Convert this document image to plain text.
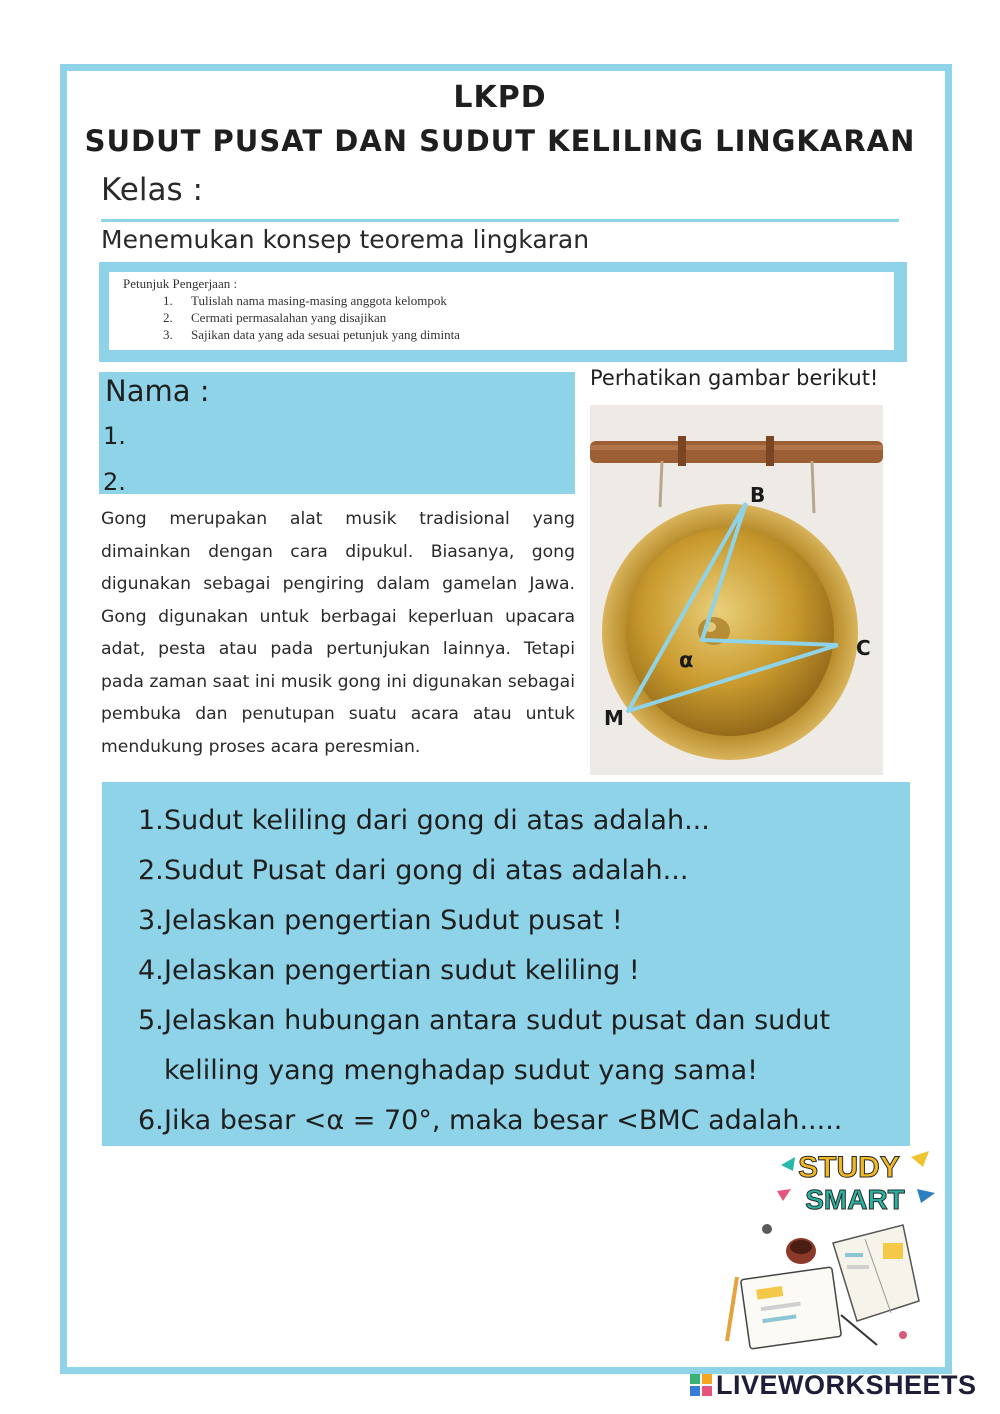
LKPD
SUDUT PUSAT DAN SUDUT KELILING LINGKARAN
Kelas :
Menemukan konsep teorema lingkaran
Petunjuk Pengerjaan :
1. Tulislah nama masing-masing anggota kelompok
2. Cermati permasalahan yang disajikan
3. Sajikan data yang ada sesuai petunjuk yang diminta
Nama :
1.
2.
Gong merupakan alat musik tradisional yang dimainkan dengan cara dipukul. Biasanya, gong digunakan sebagai pengiring dalam gamelan Jawa. Gong digunakan untuk berbagai keperluan upacara adat, pesta atau pada pertunjukan lainnya. Tetapi pada zaman saat ini musik gong ini digunakan sebagai pembuka dan penutupan suatu acara atau untuk mendukung proses acara peresmian.
Perhatikan gambar berikut!
B
C
M
α
1. Sudut keliling dari gong di atas adalah...
2. Sudut Pusat dari gong di atas adalah...
3. Jelaskan pengertian Sudut pusat !
4. Jelaskan pengertian sudut keliling !
5. Jelaskan hubungan antara sudut pusat dan sudut keliling yang menghadap sudut yang sama!
6. Jika besar <α = 70°, maka besar <BMC adalah.....
STUDY
SMART
LIVEWORKSHEETS
